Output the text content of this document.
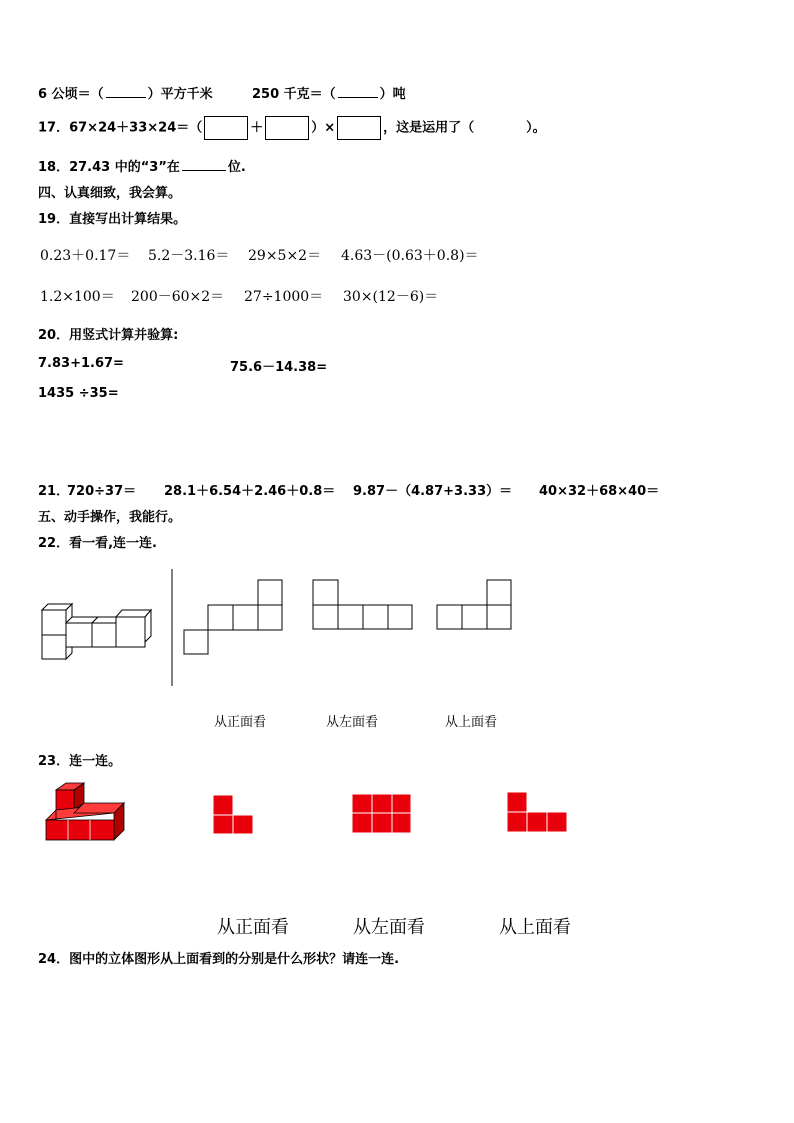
6 公顷＝（	）平方千米	250 千克＝（	）吨
17．67×24＋33×24＝（	＋	）×	，这是运用了（　　　　）。
18．27.43 中的“3”在	位.
四、认真细致，我会算。
19．直接写出计算结果。
0.23＋0.17＝ 5.2－3.16＝ 29×5×2＝ 4.63－(0.63＋0.8)＝
1.2×100＝ 200－60×2＝ 27÷1000＝ 30×(12－6)＝
20．用竖式计算并验算:
7.83+1.67=	75.6－14.38=
1435 ÷35=
21．
720÷37＝ 28.1＋6.54＋2.46＋0.8＝ 9.87－（4.87+3.33）＝ 40×32＋68×40＝
五、动手操作，我能行。
22．看一看,连一连.
从正面看	从左面看	从上面看
23．连一连。
从正面看	从左面看	从上面看
24．图中的立体图形从上面看到的分别是什么形状？请连一连.
